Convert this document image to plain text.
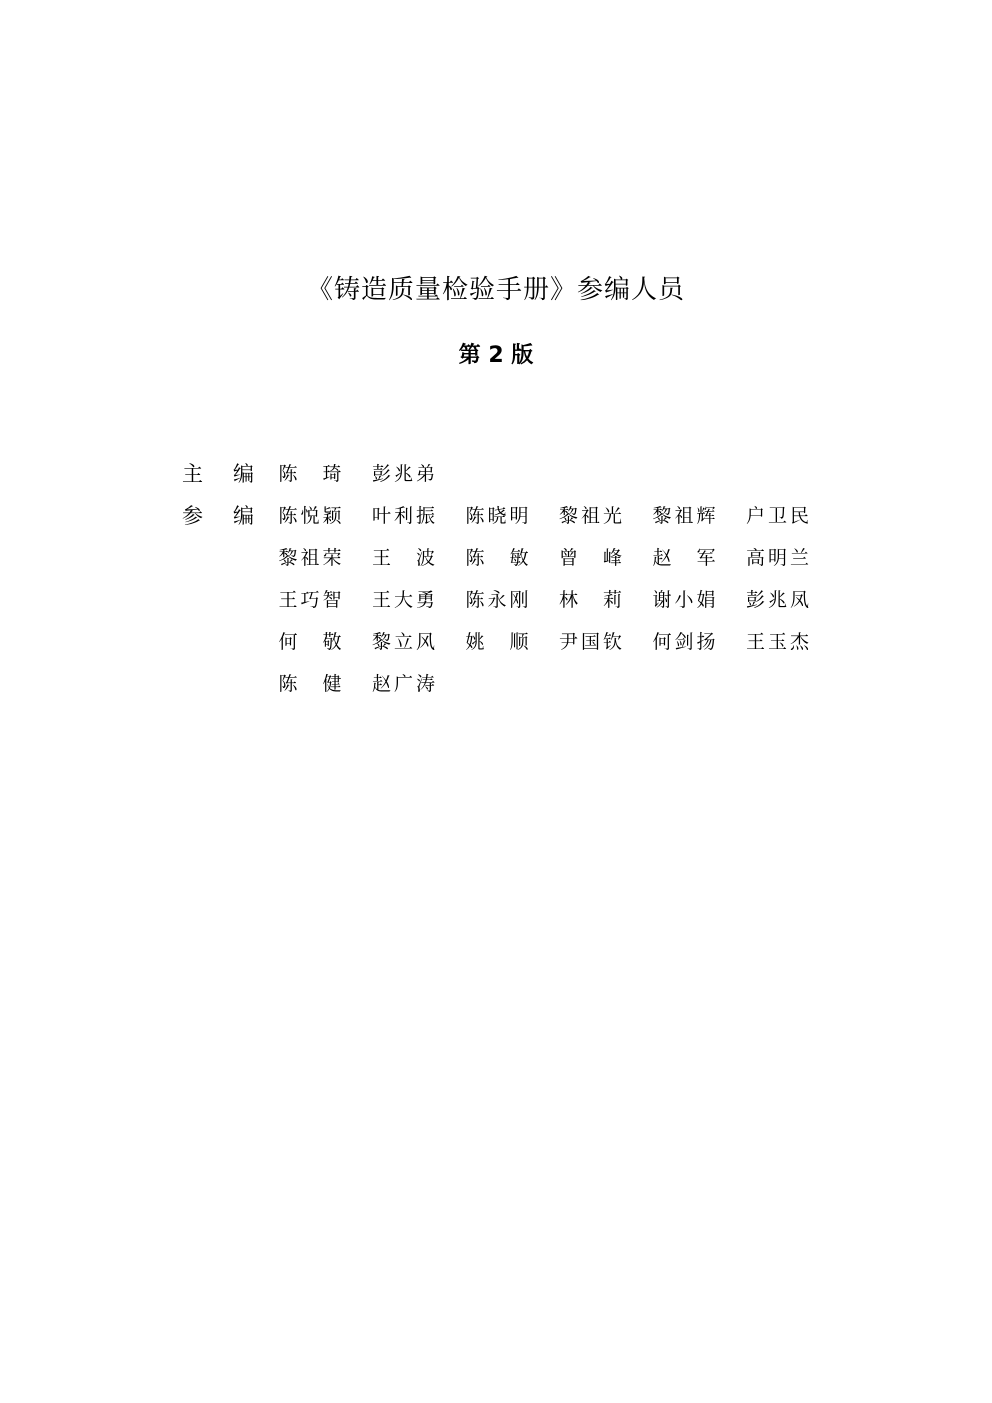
《铸造质量检验手册》参编人员
第 2 版
主 编 陈 琦	彭 兆 弟
参 编 陈 悦 颖	叶 利 振	陈 晓 明	黎 祖 光	黎 祖 辉	户 卫 民
黎 祖 荣	王 波	陈 敏	曾 峰	赵 军	高 明 兰
王 巧 智	王 大 勇	陈 永 刚	林 莉	谢 小 娟	彭 兆 凤
何 敬	黎 立 风	姚 顺	尹 国 钦	何 剑 扬	王 玉 杰
陈 健	赵 广 涛
